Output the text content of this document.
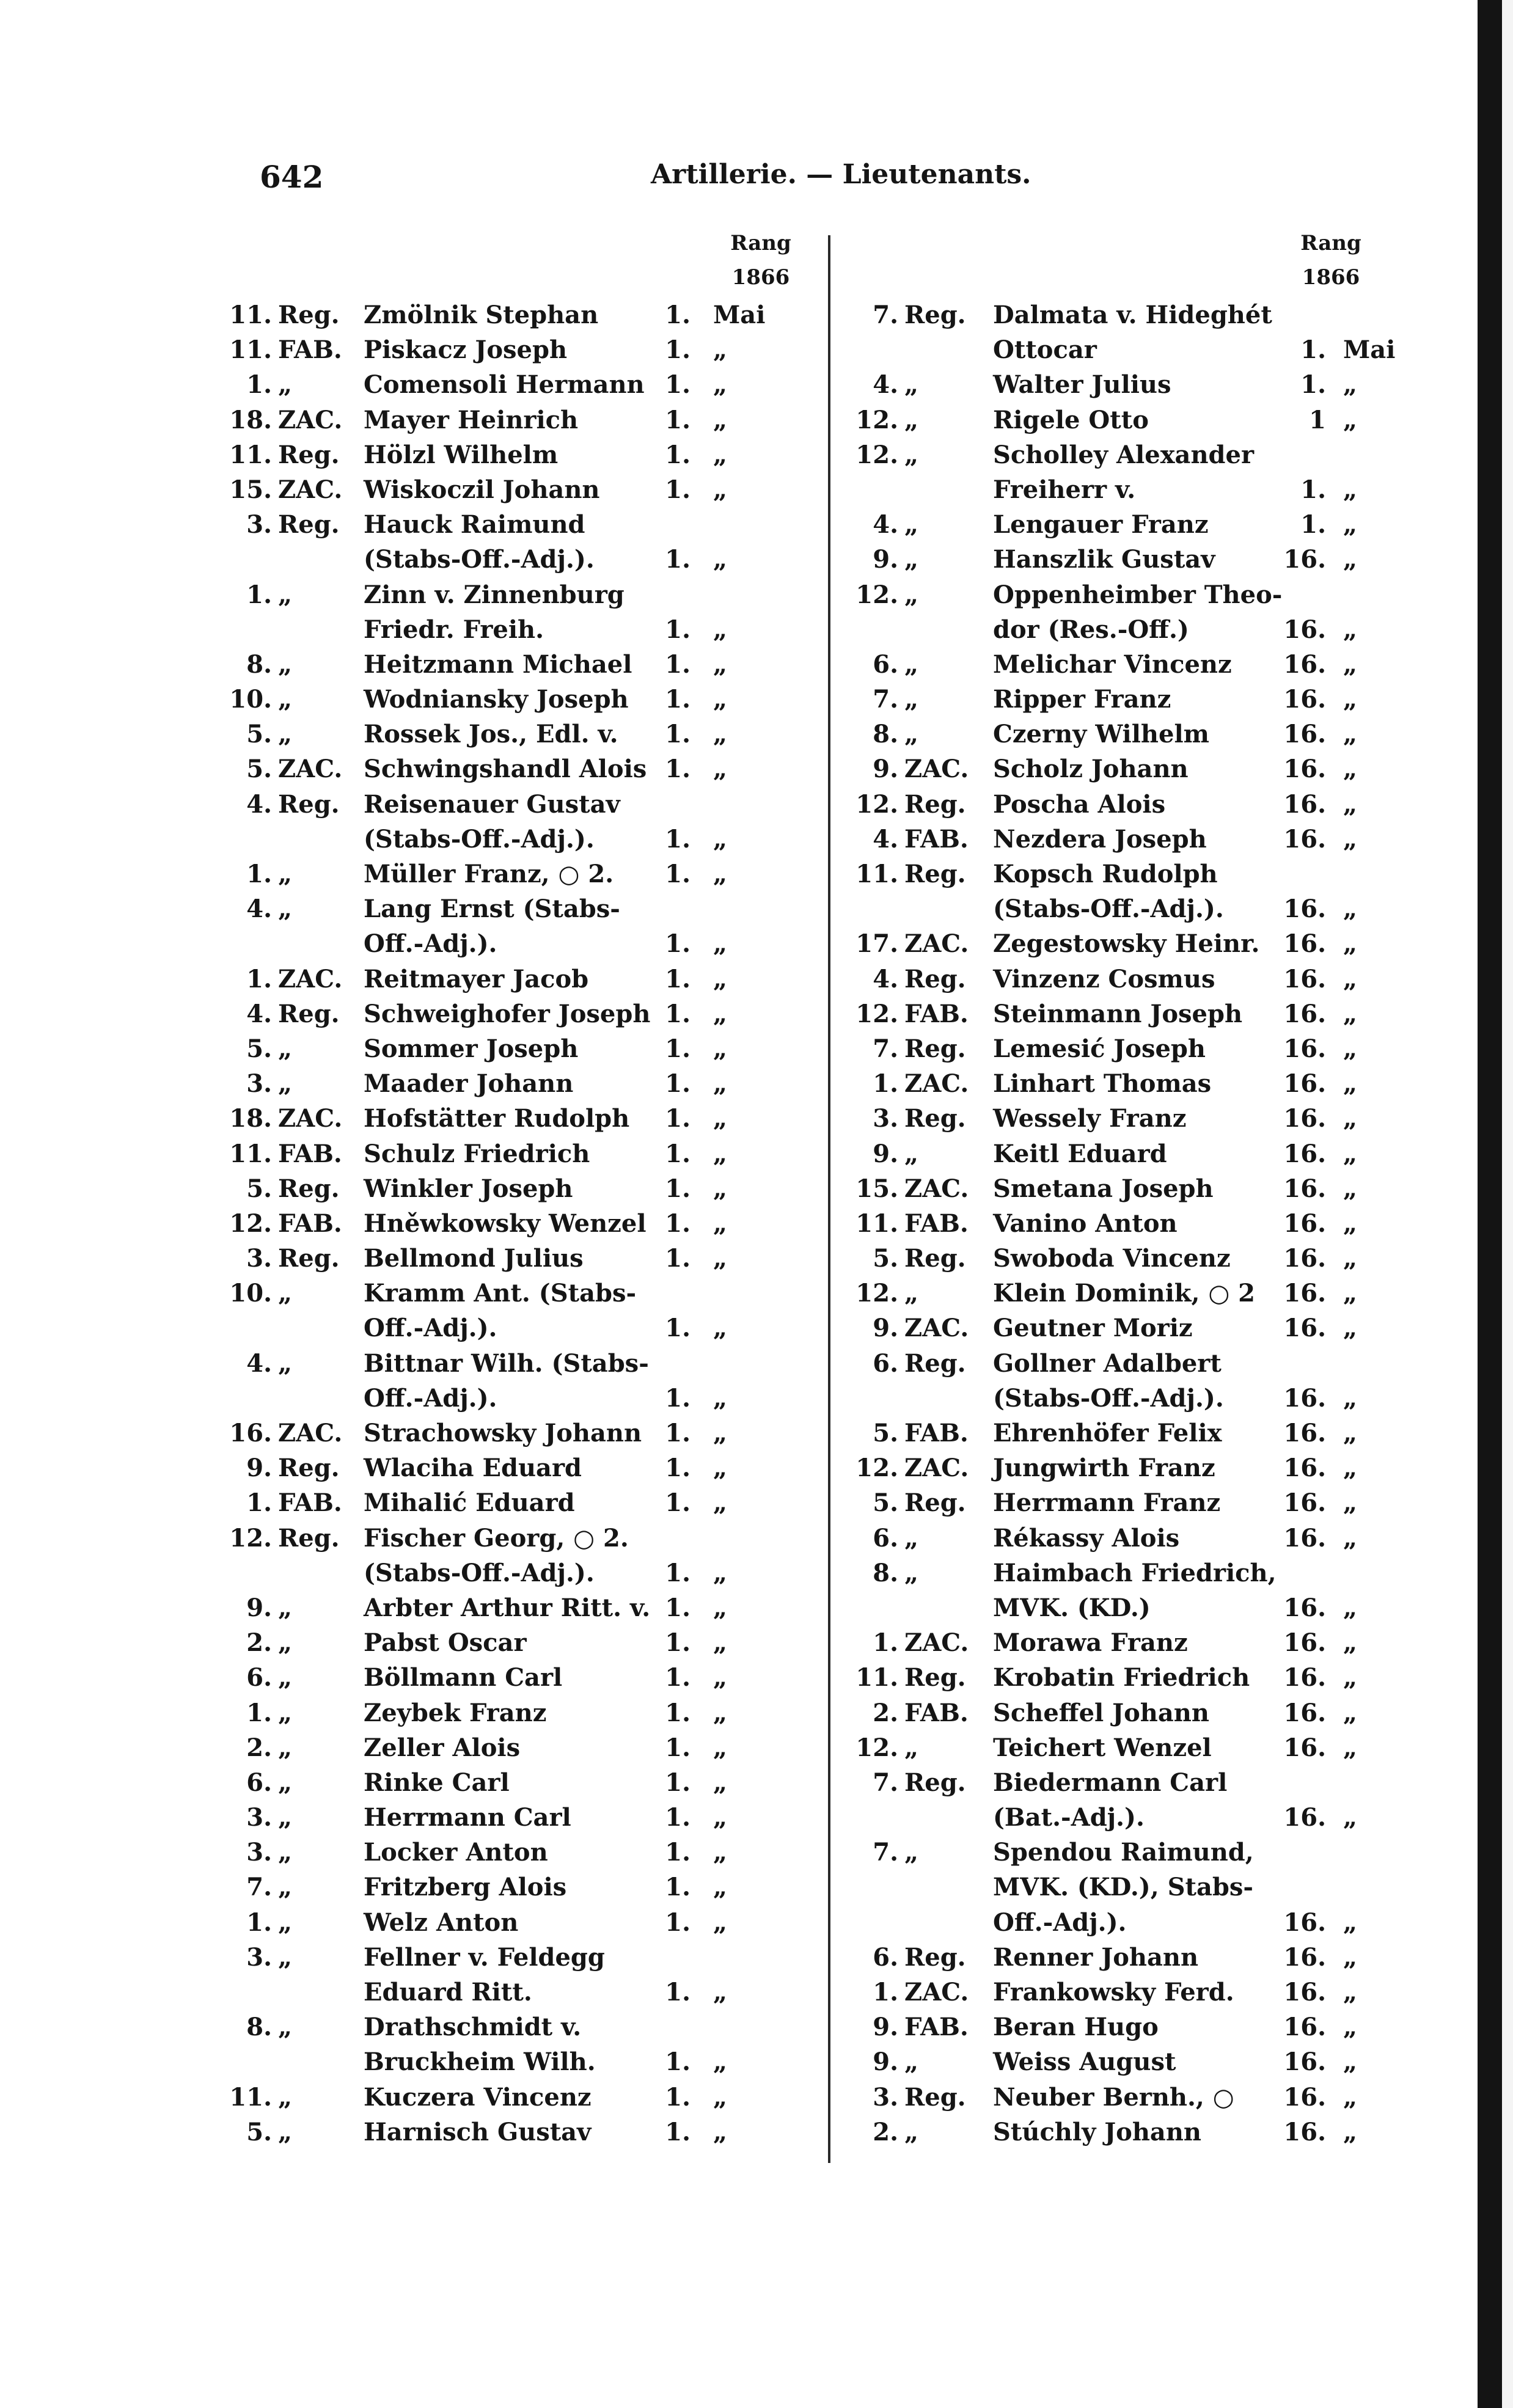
642	Artillerie. — Lieutenants.
Rang
1866
Rang
1866
11. Reg. Zmölnik Stephan	1. Mai
11. FAB. Piskacz Joseph	1. „
1. „	Comensoli Hermann 1. „
18. ZAC. Mayer Heinrich	1. „
11. Reg. Hölzl Wilhelm	1. „
15. ZAC. Wiskoczil Johann	1. „
3. Reg. Hauck Raimund
(Stabs-Off.-Adj.).	1. „
1. „	Zinn v. Zinnenburg
Friedr. Freih.	1. „
8. „	Heitzmann Michael	1. „
10. „	Wodniansky Joseph	1. „
5. „	Rossek Jos., Edl. v.	1. „
5. ZAC. Schwingshandl Alois 1. „
4. Reg. Reisenauer Gustav
(Stabs-Off.-Adj.).	1. „
1. „	Müller Franz, ○ 2.	1. „
4. „	Lang Ernst (Stabs-
Off.-Adj.).	1. „
1. ZAC. Reitmayer Jacob	1. „
4. Reg. Schweighofer Joseph 1. „
5. „	Sommer Joseph	1. „
3. „	Maader Johann	1. „
18. ZAC. Hofstätter Rudolph	1. „
11. FAB. Schulz Friedrich	1. „
5. Reg. Winkler Joseph	1. „
12. FAB. Hněwkowsky Wenzel 1. „
3. Reg. Bellmond Julius	1. „
10. „	Kramm Ant. (Stabs-
Off.-Adj.).	1. „
4. „	Bittnar Wilh. (Stabs-
Off.-Adj.).	1. „
16. ZAC. Strachowsky Johann 1. „
9. Reg. Wlaciha Eduard	1. „
1. FAB. Mihalić Eduard	1. „
12. Reg. Fischer Georg, ○ 2.
(Stabs-Off.-Adj.).	1. „
9. „	Arbter Arthur Ritt. v. 1. „
2. „	Pabst Oscar	1. „
6. „	Böllmann Carl	1. „
1. „	Zeybek Franz	1. „
2. „	Zeller Alois	1. „
6. „	Rinke Carl	1. „
3. „	Herrmann Carl	1. „
3. „	Locker Anton	1. „
7. „	Fritzberg Alois	1. „
1. „	Welz Anton	1. „
3. „	Fellner v. Feldegg
Eduard Ritt.	1. „
8. „	Drathschmidt v.
Bruckheim Wilh.	1. „
11. „	Kuczera Vincenz	1. „
5. „	Harnisch Gustav	1. „
7. Reg.	Dalmata v. Hideghét
Ottocar	1. Mai
4. „	Walter Julius	1. „
12. „	Rigele Otto	1 „
12. „	Scholley Alexander
Freiherr v.	1. „
4. „	Lengauer Franz	1. „
9. „	Hanszlik Gustav	16. „
12. „	Oppenheimber Theo-
dor (Res.-Off.)	16. „
6. „	Melichar Vincenz	16. „
7. „	Ripper Franz	16. „
8. „	Czerny Wilhelm	16. „
9. ZAC. Scholz Johann	16. „
12. Reg.	Poscha Alois	16. „
4. FAB.	Nezdera Joseph	16. „
11. Reg.	Kopsch Rudolph
(Stabs-Off.-Adj.).	16. „
17. ZAC. Zegestowsky Heinr. 16. „
4. Reg.	Vinzenz Cosmus	16. „
12. FAB.	Steinmann Joseph	16. „
7. Reg.	Lemesić Joseph	16. „
1. ZAC. Linhart Thomas	16. „
3. Reg.	Wessely Franz	16. „
9. „	Keitl Eduard	16. „
15. ZAC. Smetana Joseph	16. „
11. FAB.	Vanino Anton	16. „
5. Reg.	Swoboda Vincenz	16. „
12. „	Klein Dominik, ○ 2	16. „
9. ZAC. Geutner Moriz	16. „
6. Reg.	Gollner Adalbert
(Stabs-Off.-Adj.).	16. „
5. FAB.	Ehrenhöfer Felix	16. „
12. ZAC. Jungwirth Franz	16. „
5. Reg.	Herrmann Franz	16. „
6. „	Rékassy Alois	16. „
8. „	Haimbach Friedrich,
MVK. (KD.)	16. „
1. ZAC. Morawa Franz	16. „
11. Reg.	Krobatin Friedrich	16. „
2. FAB.	Scheffel Johann	16. „
12. „	Teichert Wenzel	16. „
7. Reg.	Biedermann Carl
(Bat.-Adj.).	16. „
7. „	Spendou Raimund,
MVK. (KD.), Stabs-
Off.-Adj.).	16. „
6. Reg.	Renner Johann	16. „
1. ZAC. Frankowsky Ferd.	16. „
9. FAB.	Beran Hugo	16. „
9. „	Weiss August	16. „
3. Reg.	Neuber Bernh., ○	16. „
2. „	Stúchly Johann	16. „
